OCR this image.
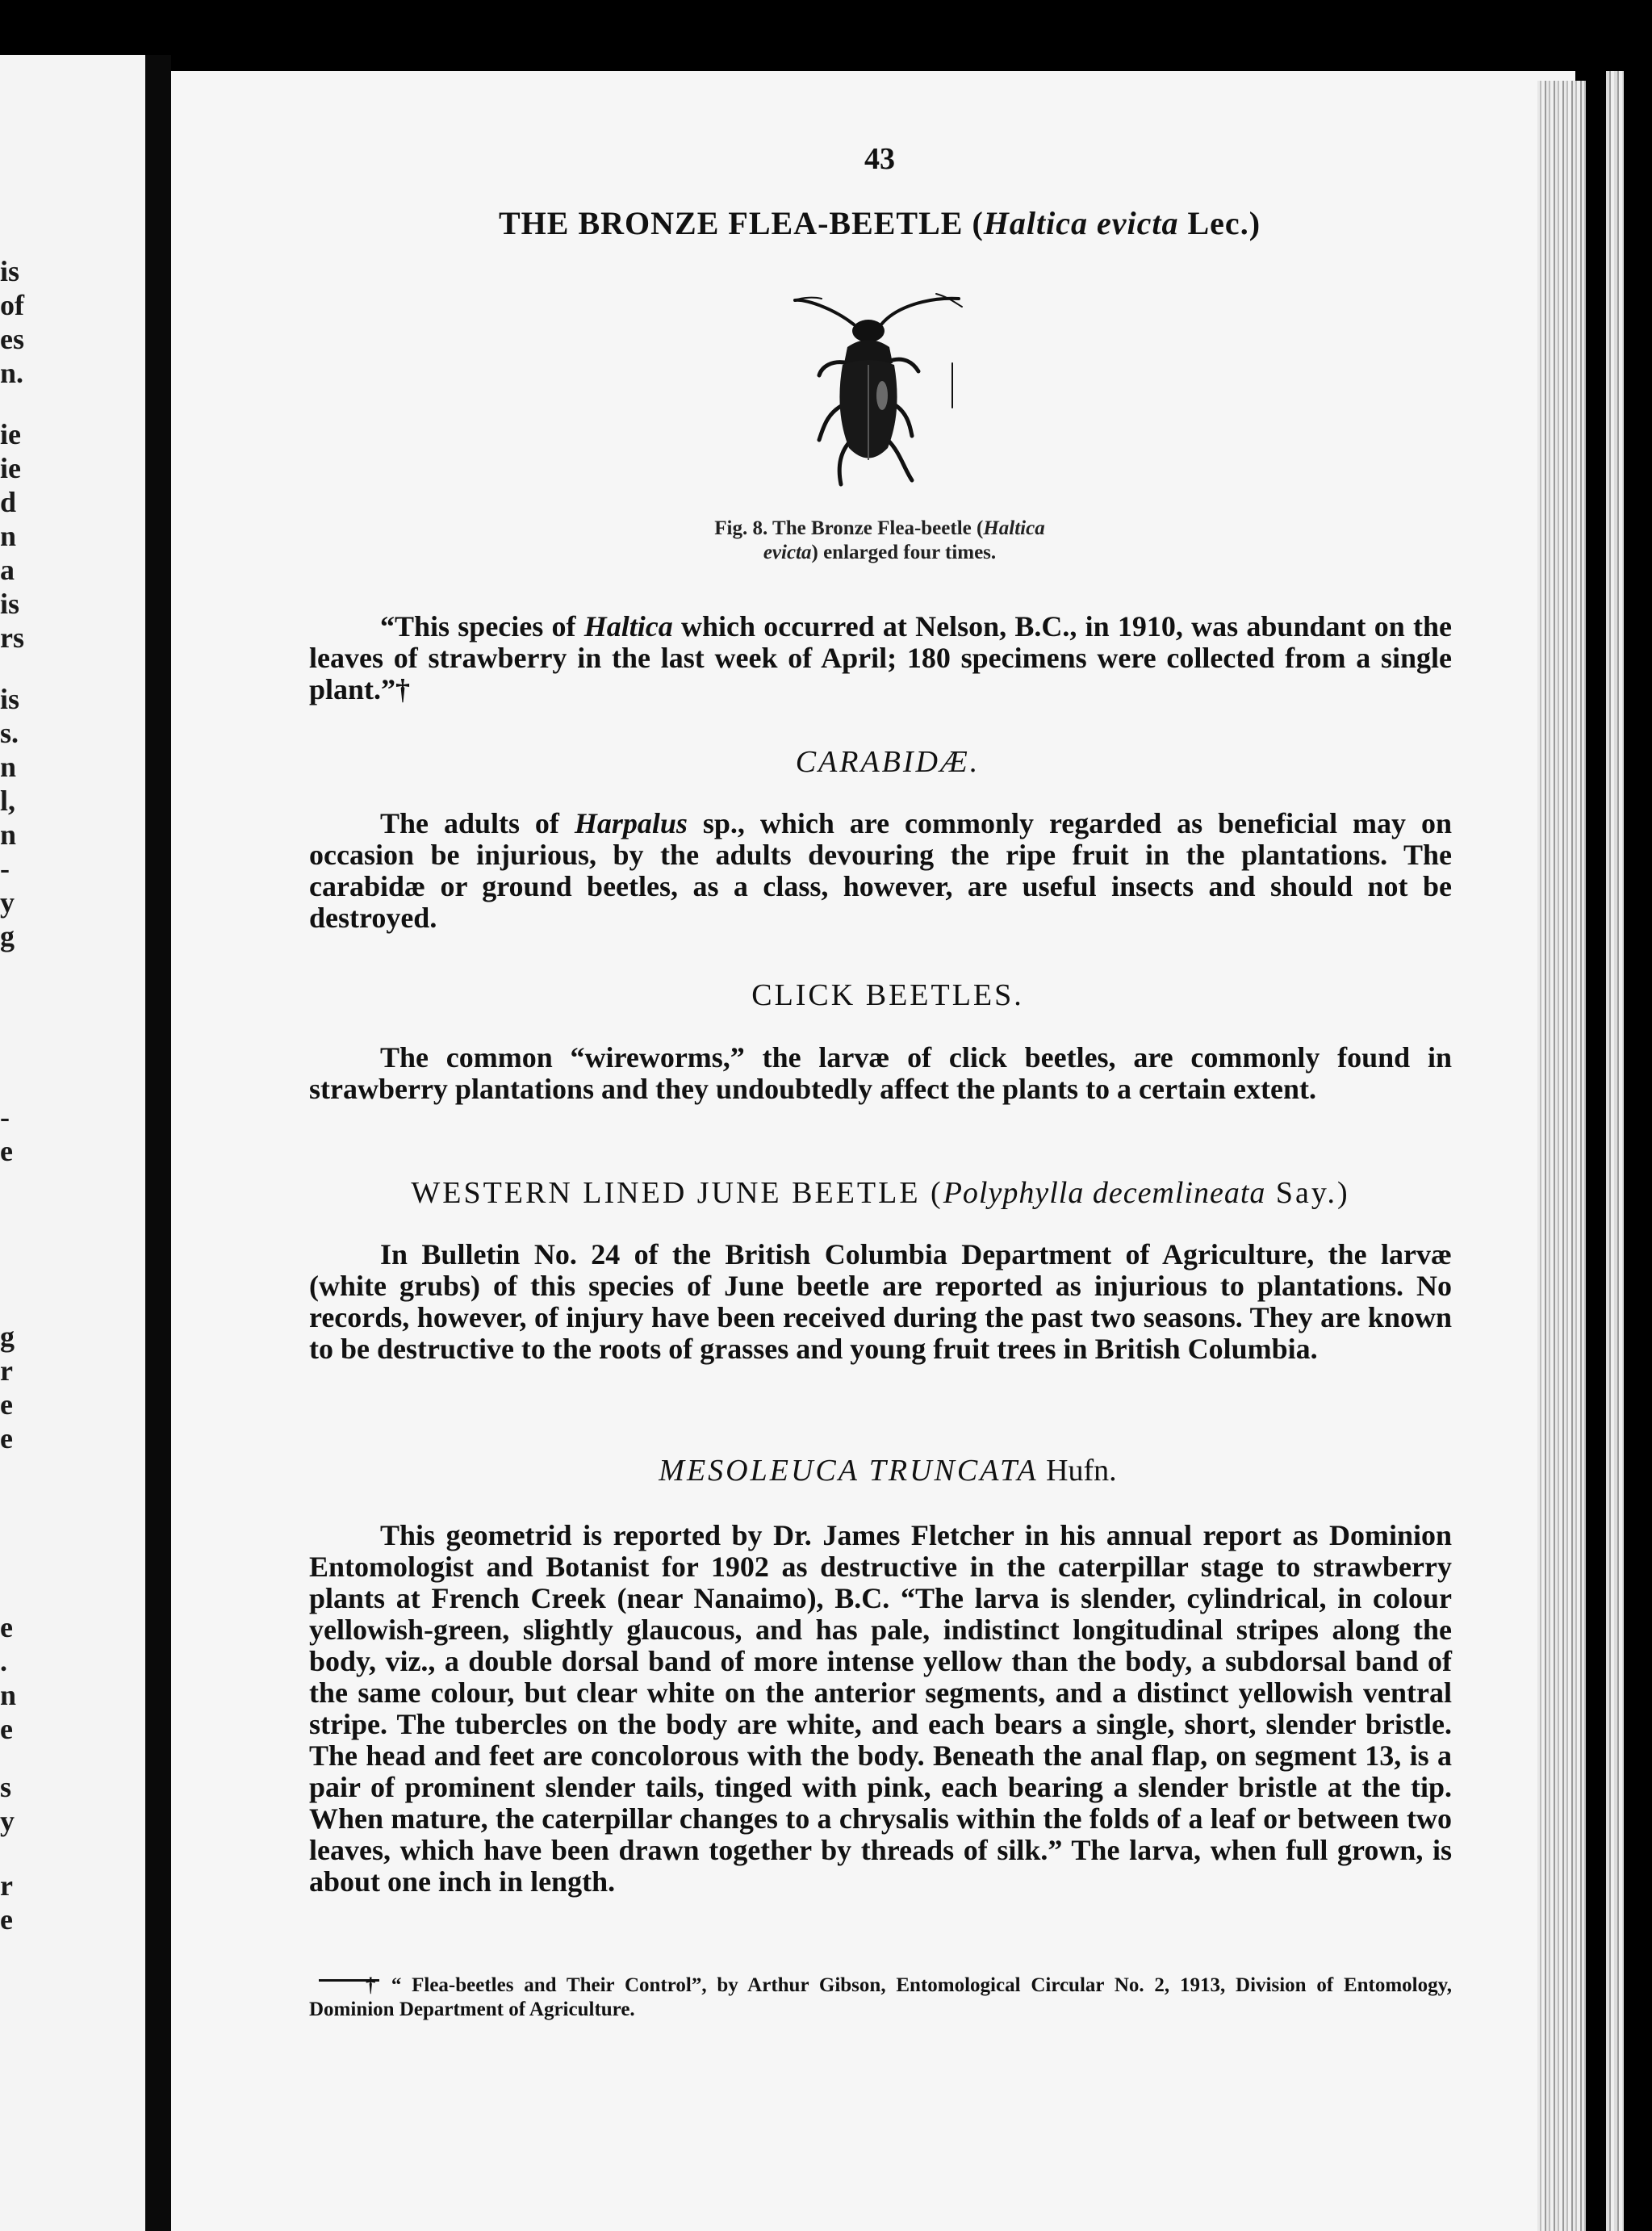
is
of
es
n.
ie
ie
d
n
a
is
rs
is
s.
n
l,
n
-
y
g
-
e
g
r
e
e
e
.
n
e
s
y
r
e
43
THE BRONZE FLEA-BEETLE (Haltica evicta Lec.)
Fig. 8. The Bronze Flea-beetle (Haltica
evicta) enlarged four times.
“This species of Haltica which occurred at Nelson, B.C., in 1910, was abundant on the leaves of strawberry in the last week of April; 180 specimens were collected from a single plant.”†
CARABIDÆ.
The adults of Harpalus sp., which are commonly regarded as beneficial may on occasion be injurious, by the adults devouring the ripe fruit in the plantations. The carabidæ or ground beetles, as a class, however, are useful insects and should not be destroyed.
CLICK BEETLES.
The common “wireworms,” the larvæ of click beetles, are commonly found in strawberry plantations and they undoubtedly affect the plants to a certain extent.
WESTERN LINED JUNE BEETLE (Polyphylla decemlineata Say.)
In Bulletin No. 24 of the British Columbia Department of Agriculture, the larvæ (white grubs) of this species of June beetle are reported as injurious to plantations. No records, however, of injury have been received during the past two seasons. They are known to be destructive to the roots of grasses and young fruit trees in British Columbia.
MESOLEUCA TRUNCATA Hufn.
This geometrid is reported by Dr. James Fletcher in his annual report as Dominion Entomologist and Botanist for 1902 as destructive in the caterpillar stage to strawberry plants at French Creek (near Nanaimo), B.C. “The larva is slender, cylindrical, in colour yellowish-green, slightly glaucous, and has pale, indistinct longitudinal stripes along the body, viz., a double dorsal band of more intense yellow than the body, a subdorsal band of the same colour, but clear white on the anterior segments, and a distinct yellowish ventral stripe. The tubercles on the body are white, and each bears a single, short, slender bristle. The head and feet are concolorous with the body. Beneath the anal flap, on segment 13, is a pair of prominent slender tails, tinged with pink, each bearing a slender bristle at the tip. When mature, the caterpillar changes to a chrysalis within the folds of a leaf or between two leaves, which have been drawn together by threads of silk.” The larva, when full grown, is about one inch in length.
† “ Flea-beetles and Their Control”, by Arthur Gibson, Entomological Circular No. 2, 1913, Division of Entomology, Dominion Department of Agriculture.
